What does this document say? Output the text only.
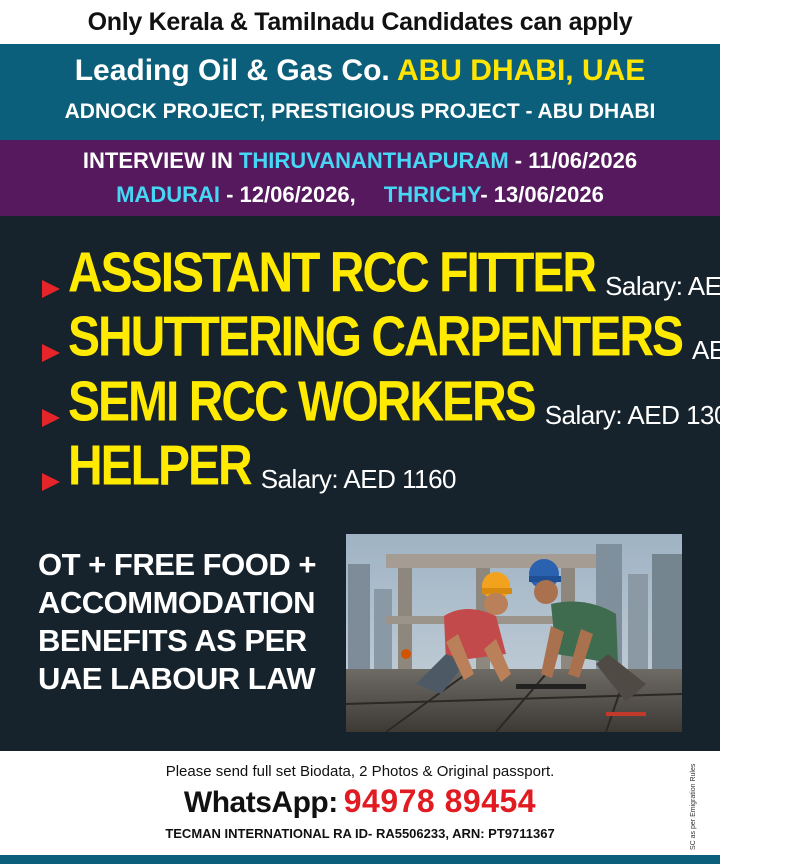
Only Kerala & Tamilnadu Candidates can apply
Leading Oil & Gas Co. ABU DHABI, UAE
ADNOCK PROJECT, PRESTIGIOUS PROJECT - ABU DHABI
INTERVIEW IN THIRUVANANTHAPURAM - 11/06/2026
MADURAI - 12/06/2026, THRICHY- 13/06/2026
ASSISTANT RCC FITTER Salary: AED 1160
SHUTTERING CARPENTERS AED 1300
SEMI RCC WORKERS Salary: AED 1300
HELPER Salary: AED 1160
OT + FREE FOOD +
ACCOMMODATION
BENEFITS AS PER
UAE LABOUR LAW
Please send full set Biodata, 2 Photos & Original passport.
WhatsApp: 94978 89454
TECMAN INTERNATIONAL RA ID- RA5506233, ARN: PT9711367	SC as per Emigration Rules
